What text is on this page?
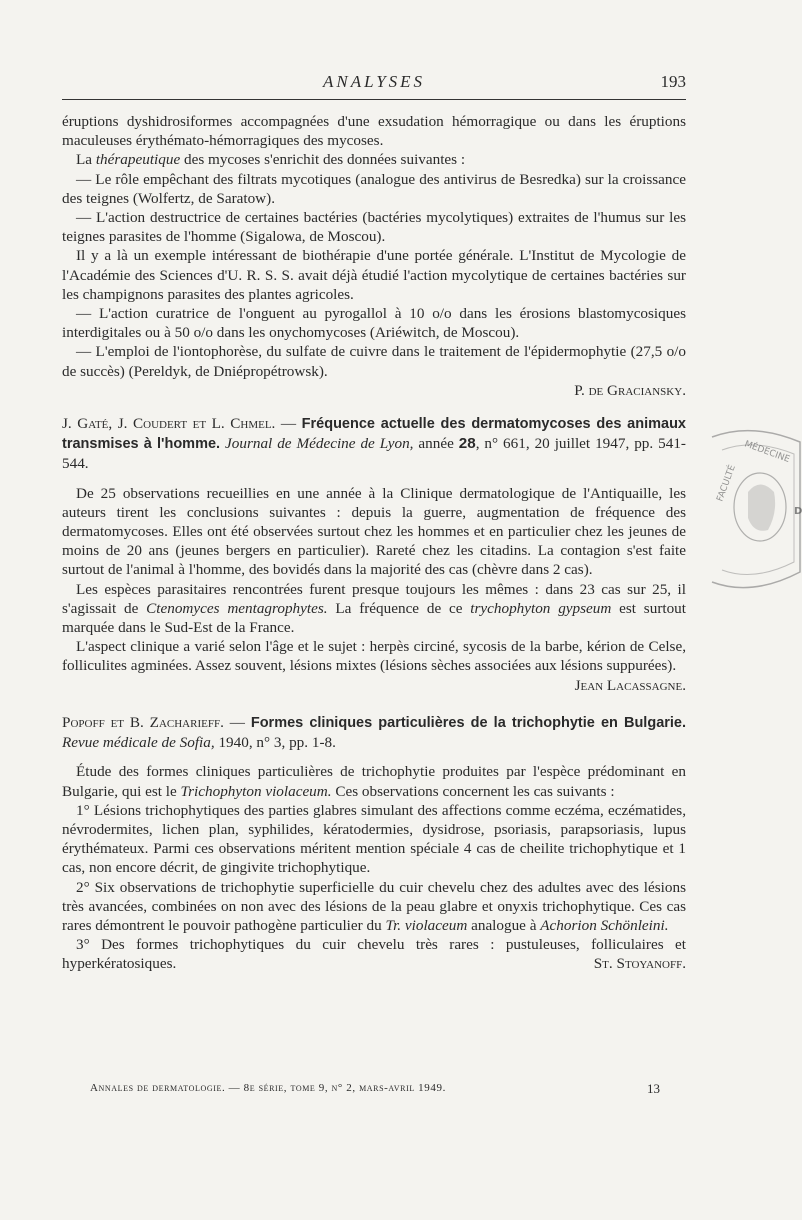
ANALYSES	193

éruptions dyshidrosiformes accompagnées d'une exsudation hémorragique ou dans les éruptions maculeuses érythémato-hémorragiques des mycoses.

La thérapeutique des mycoses s'enrichit des données suivantes :

— Le rôle empêchant des filtrats mycotiques (analogue des antivirus de Besredka) sur la croissance des teignes (Wolfertz, de Saratow).

— L'action destructrice de certaines bactéries (bactéries mycolytiques) extraites de l'humus sur les teignes parasites de l'homme (Sigalowa, de Moscou).

Il y a là un exemple intéressant de biothérapie d'une portée générale. L'Institut de Mycologie de l'Académie des Sciences d'U. R. S. S. avait déjà étudié l'action mycolytique de certaines bactéries sur les champignons parasites des plantes agricoles.

— L'action curatrice de l'onguent au pyrogallol à 10 o/o dans les érosions blastomycosiques interdigitales ou à 50 o/o dans les onychomycoses (Ariéwitch, de Moscou).

— L'emploi de l'iontophorèse, du sulfate de cuivre dans le traitement de l'épidermophytie (27,5 o/o de succès) (Pereldyk, de Dniépropétrowsk).

P. de Graciansky.

J. Gaté, J. Coudert et L. Chmel. — Fréquence actuelle des dermatomycoses des animaux transmises à l'homme. Journal de Médecine de Lyon, année 28, n° 661, 20 juillet 1947, pp. 541-544.

De 25 observations recueillies en une année à la Clinique dermatologique de l'Antiquaille, les auteurs tirent les conclusions suivantes : depuis la guerre, augmentation de fréquence des dermatomycoses. Elles ont été observées surtout chez les hommes et en particulier chez les jeunes de moins de 20 ans (jeunes bergers en particulier). Rareté chez les citadins. La contagion s'est faite surtout de l'animal à l'homme, des bovidés dans la majorité des cas (chèvre dans 2 cas).

Les espèces parasitaires rencontrées furent presque toujours les mêmes : dans 23 cas sur 25, il s'agissait de Ctenomyces mentagrophytes. La fréquence de ce trychophyton gypseum est surtout marquée dans le Sud-Est de la France.

L'aspect clinique a varié selon l'âge et le sujet : herpès circiné, sycosis de la barbe, kérion de Celse, folliculites agminées. Assez souvent, lésions mixtes (lésions sèches associées aux lésions suppurées).

Jean Lacassagne.

Popoff et B. Zacharieff. — Formes cliniques particulières de la trichophytie en Bulgarie. Revue médicale de Sofia, 1940, n° 3, pp. 1-8.

Étude des formes cliniques particulières de trichophytie produites par l'espèce prédominant en Bulgarie, qui est le Trichophyton violaceum. Ces observations concernent les cas suivants :

1° Lésions trichophytiques des parties glabres simulant des affections comme eczéma, eczématides, névrodermites, lichen plan, syphilides, kératodermies, dysidrose, psoriasis, parapsoriasis, lupus érythémateux. Parmi ces observations méritent mention spéciale 4 cas de cheilite trichophytique et 1 cas, non encore décrit, de gingivite trichophytique.

2° Six observations de trichophytie superficielle du cuir chevelu chez des adultes avec des lésions très avancées, combinées on non avec des lésions de la peau glabre et onyxis trichophytique. Ces cas rares démontrent le pouvoir pathogène particulier du Tr. violaceum analogue à Achorion Schönleini.

3° Des formes trichophytiques du cuir chevelu très rares : pustuleuses, folliculaires et hyperkératosiques.	St. Stoyanoff.

Annales de dermatologie. — 8e série, tome 9, n° 2, mars-avril 1949.	13
FACULTÉ
MÉDECINE
D
